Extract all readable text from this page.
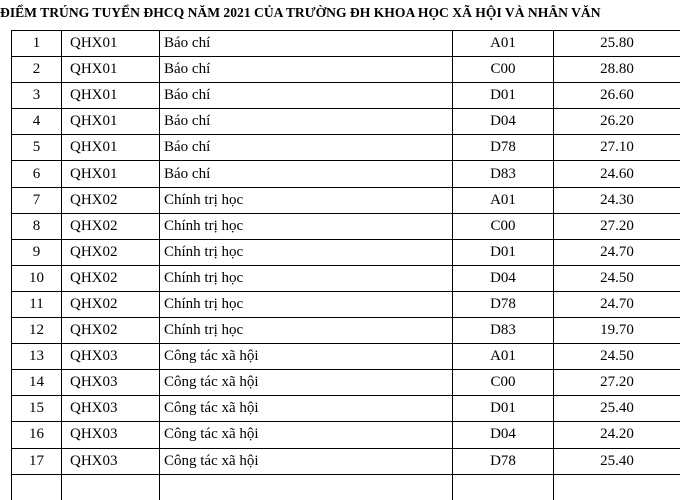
ĐIỂM TRÚNG TUYỂN ĐHCQ NĂM 2021 CỦA TRƯỜNG ĐH KHOA HỌC XÃ HỘI VÀ NHÂN VĂN
1	QHX01	Báo chí	A01	25.80
2	QHX01	Báo chí	C00	28.80
3	QHX01	Báo chí	D01	26.60
4	QHX01	Báo chí	D04	26.20
5	QHX01	Báo chí	D78	27.10
6	QHX01	Báo chí	D83	24.60
7	QHX02	Chính trị học	A01	24.30
8	QHX02	Chính trị học	C00	27.20
9	QHX02	Chính trị học	D01	24.70
10	QHX02	Chính trị học	D04	24.50
11	QHX02	Chính trị học	D78	24.70
12	QHX02	Chính trị học	D83	19.70
13	QHX03	Công tác xã hội	A01	24.50
14	QHX03	Công tác xã hội	C00	27.20
15	QHX03	Công tác xã hội	D01	25.40
16	QHX03	Công tác xã hội	D04	24.20
17	QHX03	Công tác xã hội	D78	25.40
